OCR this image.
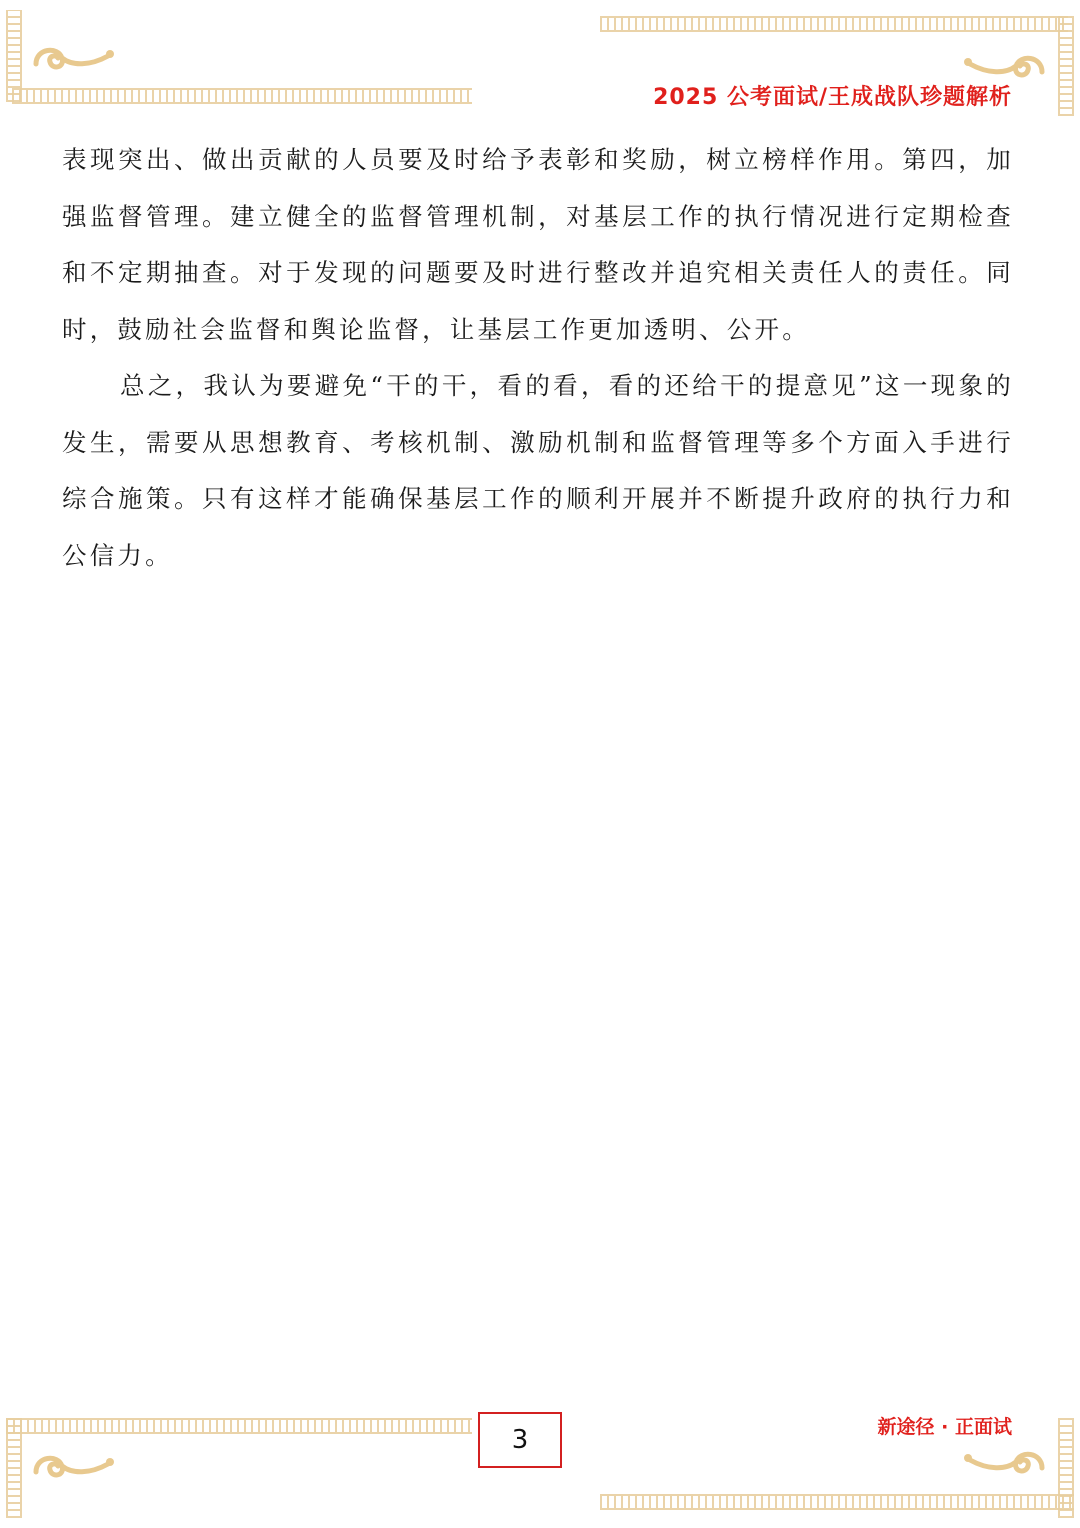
2025 公考面试/王成战队珍题解析

表现突出、做出贡献的人员要及时给予表彰和奖励，树立榜样作用。第四，加强监督管理。建立健全的监督管理机制，对基层工作的执行情况进行定期检查和不定期抽查。对于发现的问题要及时进行整改并追究相关责任人的责任。同时，鼓励社会监督和舆论监督，让基层工作更加透明、公开。

总之，我认为要避免“干的干，看的看，看的还给干的提意见”这一现象的发生，需要从思想教育、考核机制、激励机制和监督管理等多个方面入手进行综合施策。只有这样才能确保基层工作的顺利开展并不断提升政府的执行力和公信力。

3	新途径 · 正面试
